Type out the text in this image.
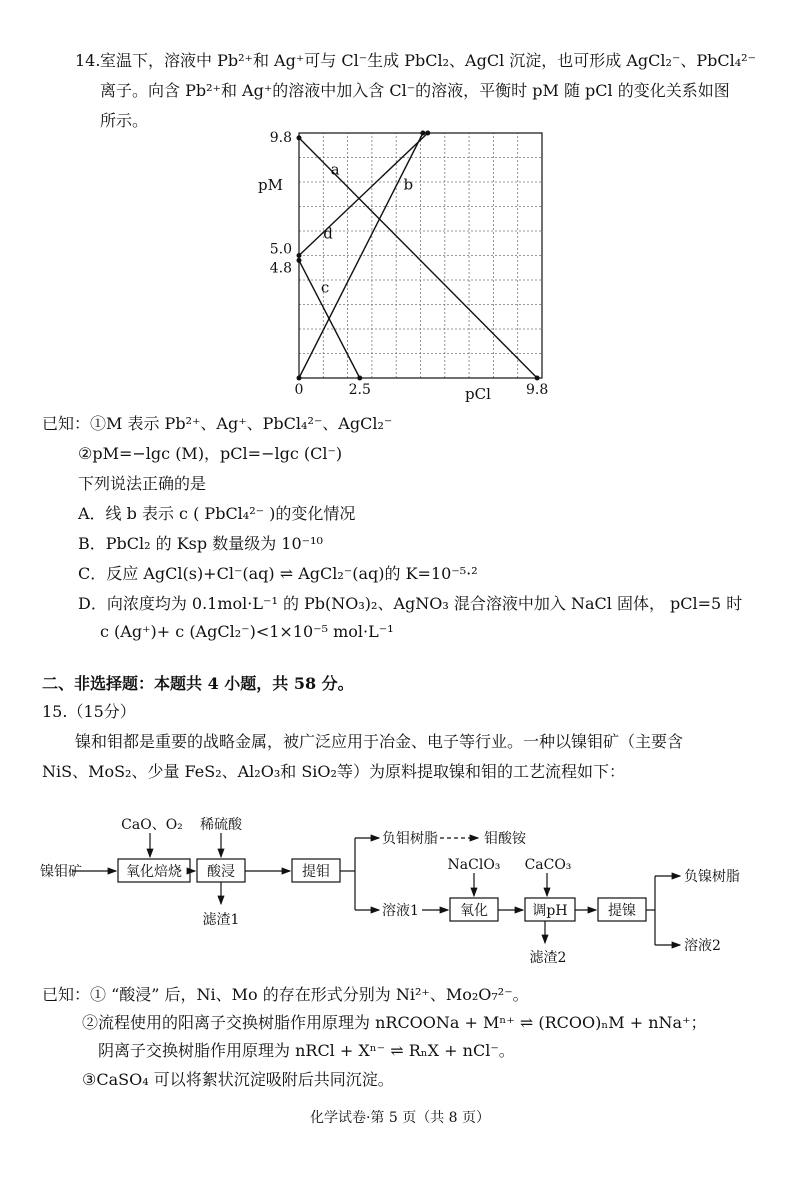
14. 室温下，溶液中 Pb²⁺和 Ag⁺可与 Cl⁻生成 PbCl₂、AgCl 沉淀，也可形成 AgCl₂⁻、PbCl₄²⁻
离子。向含 Pb²⁺和 Ag⁺的溶液中加入含 Cl⁻的溶液，平衡时 pM 随 pCl 的变化关系如图
所示。
a
b
c
d
0	2.5	9.8
9.8
5.0
4.8
pCl
pM
已知：①M 表示 Pb²⁺、Ag⁺、PbCl₄²⁻、AgCl₂⁻
②pM=−lgc (M)，pCl=−lgc (Cl⁻)
下列说法正确的是
A．线 b 表示 c ( PbCl₄²⁻ )的变化情况
B．PbCl₂ 的 Ksp 数量级为 10⁻¹⁰
C．反应 AgCl(s)+Cl⁻(aq) ⇌ AgCl₂⁻(aq)的 K=10⁻⁵·²
D．向浓度均为 0.1mol·L⁻¹ 的 Pb(NO₃)₂、AgNO₃ 混合溶液中加入 NaCl 固体， pCl=5 时
c (Ag⁺)+ c (AgCl₂⁻)<1×10⁻⁵ mol·L⁻¹
二、非选择题：本题共 4 小题，共 58 分。
15.（15分）
镍和钼都是重要的战略金属，被广泛应用于冶金、电子等行业。一种以镍钼矿（主要含
NiS、MoS₂、少量 FeS₂、Al₂O₃和 SiO₂等）为原料提取镍和钼的工艺流程如下：
镍钼矿	氧化焙烧
CaO、O₂
酸浸
稀硫酸
滤渣1
提钼
负钼树脂	钼酸铵
溶液1	氧化
NaClO₃
调pH
CaCO₃
滤渣2
提镍
负镍树脂
溶液2
已知：① “酸浸” 后，Ni、Mo 的存在形式分别为 Ni²⁺、Mo₂O₇²⁻。
②流程使用的阳离子交换树脂作用原理为 nRCOONa + Mⁿ⁺ ⇌ (RCOO)ₙM + nNa⁺；
阴离子交换树脂作用原理为 nRCl + Xⁿ⁻ ⇌ RₙX + nCl⁻。
③CaSO₄ 可以将絮状沉淀吸附后共同沉淀。
化学试卷·第 5 页（共 8 页）
